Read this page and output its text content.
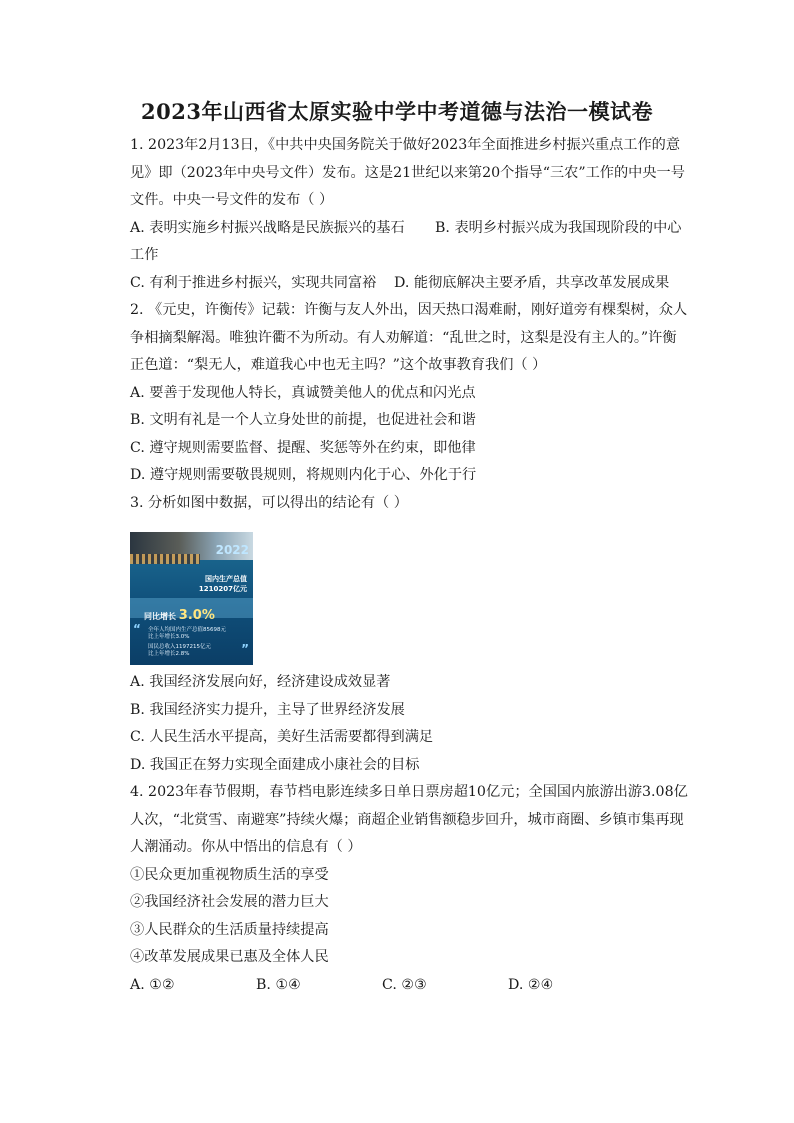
2023年山西省太原实验中学中考道德与法治一模试卷

1. 2023年2月13日，《中共中央国务院关于做好2023年全面推进乡村振兴重点工作的意

见》即（2023年中央号文件）发布。这是21世纪以来第20个指导“三农”工作的中央一号

文件。中央一号文件的发布（ ）

A. 表明实施乡村振兴战略是民族振兴的基石	B. 表明乡村振兴成为我国现阶段的中心

工作

C. 有利于推进乡村振兴，实现共同富裕	D. 能彻底解决主要矛盾，共享改革发展成果

2. 《元史，许衡传》记载：许衡与友人外出，因天热口渴难耐，刚好道旁有棵梨树，众人

争相摘梨解渴。唯独许衢不为所动。有人劝解道：“乱世之时，这梨是没有主人的。”许衡

正色道：“梨无人，难道我心中也无主吗？”这个故事教育我们（ ）

A. 要善于发现他人特长，真诚赞美他人的优点和闪光点

B. 文明有礼是一个人立身处世的前提，也促进社会和谐

C. 遵守规则需要监督、提醒、奖惩等外在约束，即他律

D. 遵守规则需要敬畏规则，将规则内化于心、外化于行

3. 分析如图中数据，可以得出的结论有（ ）

2022
国内生产总值
1210207亿元
同比增长 3.0%
“ 全年人均国内生产总值85698元
比上年增长3.0%
国民总收入1197215亿元
比上年增长2.8%	”

A. 我国经济发展向好，经济建设成效显著

B. 我国经济实力提升，主导了世界经济发展

C. 人民生活水平提高，美好生活需要都得到满足

D. 我国正在努力实现全面建成小康社会的目标

4. 2023年春节假期，春节档电影连续多日单日票房超10亿元；全国国内旅游出游3.08亿

人次，“北赏雪、南避寒”持续火爆；商超企业销售额稳步回升，城市商圈、乡镇市集再现

人潮涌动。你从中悟出的信息有（ ）

①民众更加重视物质生活的享受

②我国经济社会发展的潜力巨大

③人民群众的生活质量持续提高

④改革发展成果已惠及全体人民

A. ①②	B. ①④	C. ②③	D. ②④
